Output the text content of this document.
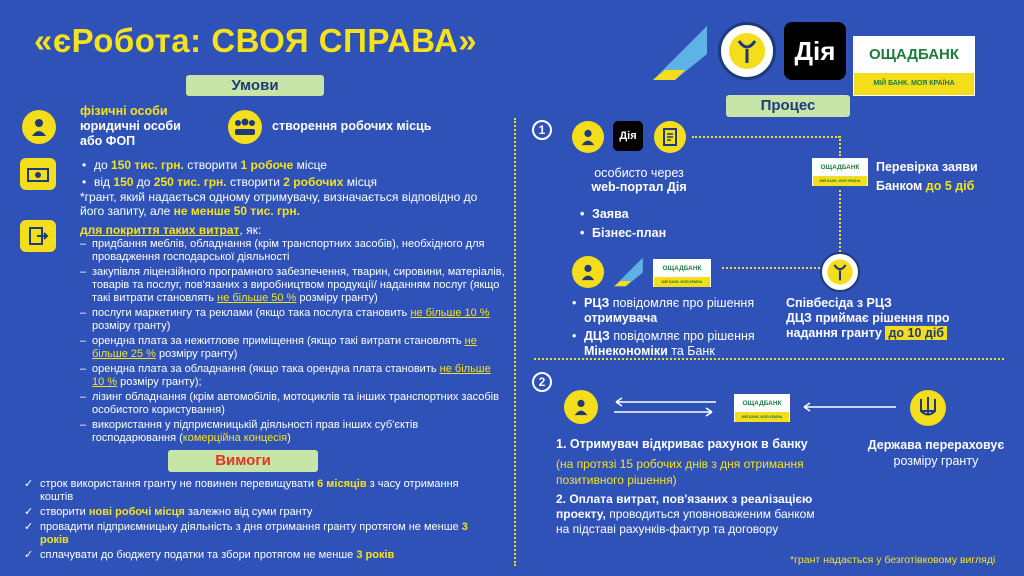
«єРобота: СВОЯ СПРАВА»	Дія	ОЩАДБАНК
МІЙ БАНК. МОЯ КРАЇНА
Умови
фізичні особи
юридичні особи
або ФОП
створення робочих місць
• до 150 тис. грн. створити 1 робоче місце
• від 150 до 250 тис. грн. створити 2 робочих місця
*грант, який надається одному отримувачу, визначається відповідно до його запиту, але не менше 50 тис. грн.
для покриття таких витрат, як:
– придбання меблів, обладнання (крім транспортних засобів), необхідного для провадження господарської діяльності
– закупівля ліцензійного програмного забезпечення, тварин, сировини, матеріалів, товарів та послуг, пов'язаних з виробництвом продукції/ наданням послуг (якщо такі витрати становлять не більше 50 % розміру гранту)
– послуги маркетингу та реклами (якщо така послуга становить не більше 10 % розміру гранту)
– орендна плата за нежитлове приміщення (якщо такі витрати становлять не більше 25 % розміру гранту)
– орендна плата за обладнання (якщо така орендна плата становить не більше 10 % розміру гранту);
– лізинг обладнання (крім автомобілів, мотоциклів та інших транспортних засобів особистого користування)
– використання у підприємницькій діяльності прав інших суб'єктів господарювання (комерційна концесія)
Вимоги
✓ строк використання гранту не повинен перевищувати 6 місяців з часу отримання коштів
✓ створити нові робочі місця залежно від суми гранту
✓ провадити підприємницьку діяльність з дня отримання гранту протягом не менше 3 років
✓ сплачувати до бюджету податки та збори протягом не менше 3 років
Процес
1	Дія
особисто через
web-портал Дія
• Заява
• Бізнес-план
ОЩАДБАНК
МІЙ БАНК. МОЯ КРАЇНА
Перевірка заяви
Банком до 5 діб
ОЩАДБАНК
МІЙ БАНК. МОЯ КРАЇНА
• РЦЗ повідомляє про рішення отримувача
• ДЦЗ повідомляє про рішення Мінекономіки та Банк
Співбесіда з РЦЗ
ДЦЗ приймає рішення про
надання гранту до 10 діб
2
ОЩАДБАНК
МІЙ БАНК. МОЯ КРАЇНА
1. Отримувач відкриває рахунок в банку
(на протязі 15 робочих днів з дня отримання позитивного рішення)
2. Оплата витрат, пов'язаних з реалізацією проекту, проводиться уповноваженим банком на підставі рахунків-фактур та договору
Держава перераховує
розміру гранту
*грант надається у безготівковому вигляді
